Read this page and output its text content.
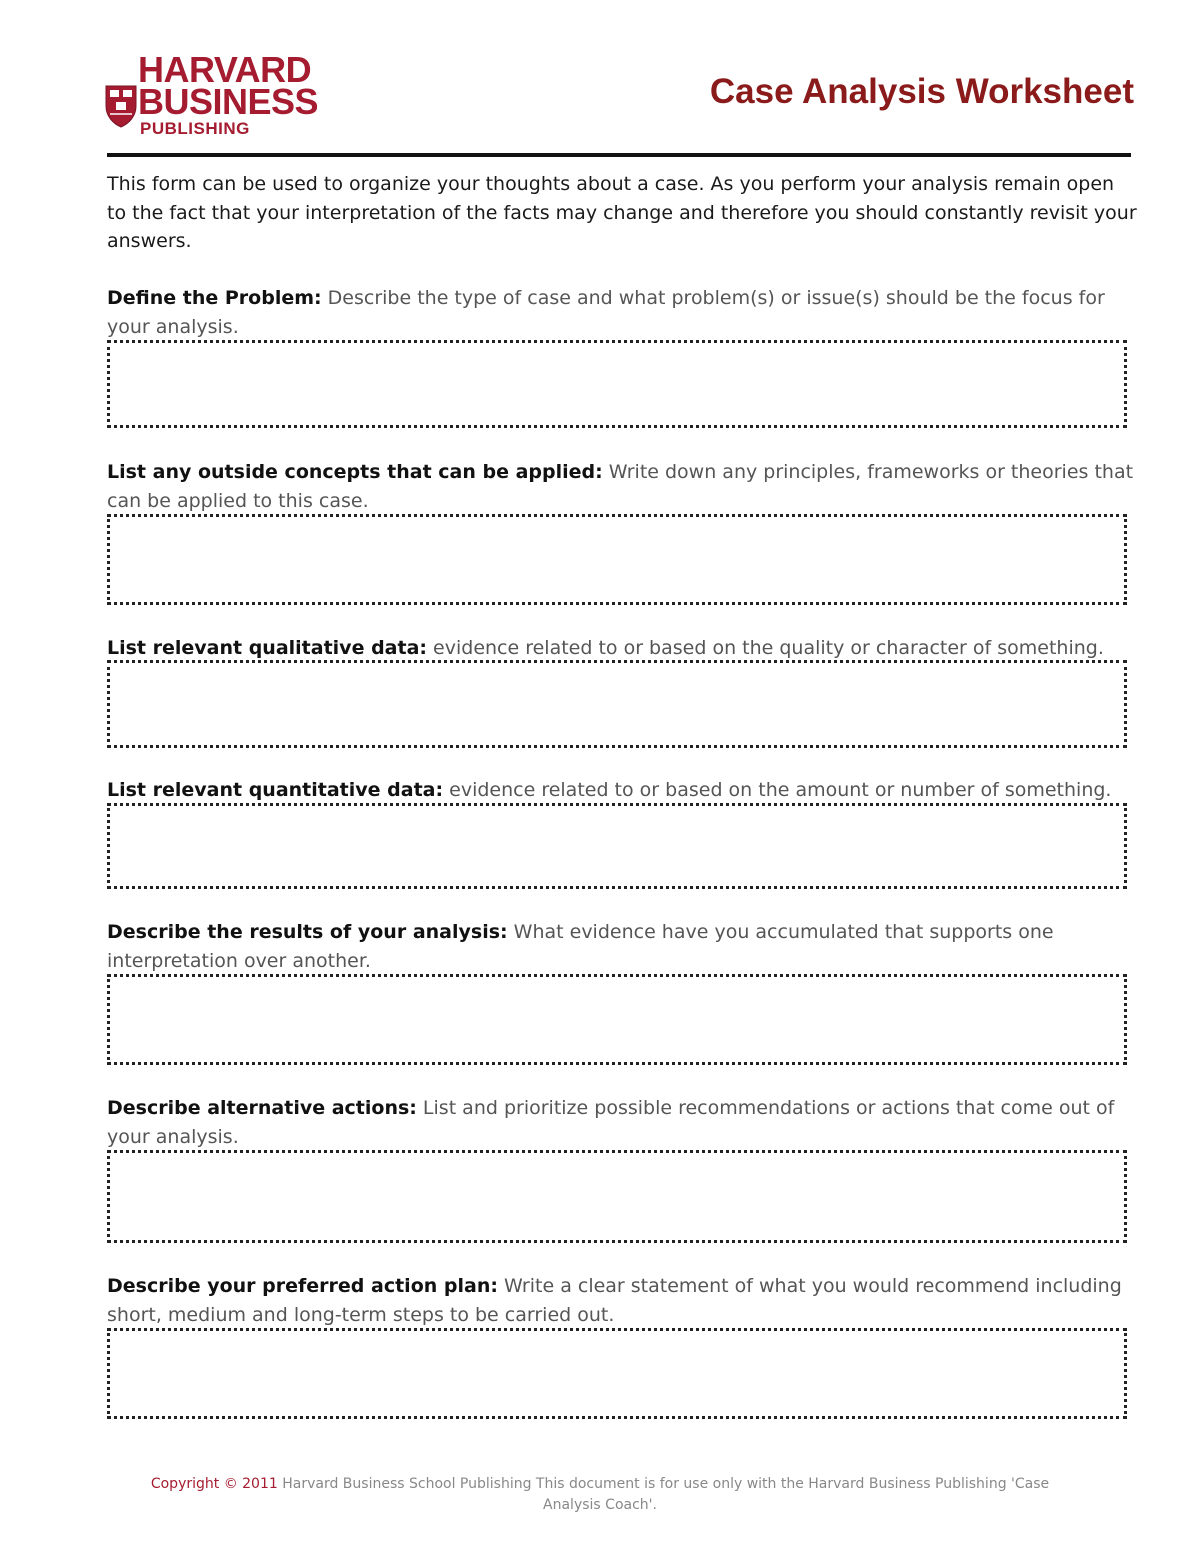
HARVARD
BUSINESS
PUBLISHING
Case Analysis Worksheet
This form can be used to organize your thoughts about a case. As you perform your analysis remain open to the fact that your interpretation of the facts may change and therefore you should constantly revisit your answers.
Define the Problem: Describe the type of case and what problem(s) or issue(s) should be the focus for your analysis.
List any outside concepts that can be applied: Write down any principles, frameworks or theories that can be applied to this case.
List relevant qualitative data: evidence related to or based on the quality or character of something.
List relevant quantitative data: evidence related to or based on the amount or number of something.
Describe the results of your analysis: What evidence have you accumulated that supports one interpretation over another.
Describe alternative actions: List and prioritize possible recommendations or actions that come out of your analysis.
Describe your preferred action plan: Write a clear statement of what you would recommend including short, medium and long-term steps to be carried out.
Copyright © 2011 Harvard Business School Publishing This document is for use only with the Harvard Business Publishing 'Case Analysis Coach'.
